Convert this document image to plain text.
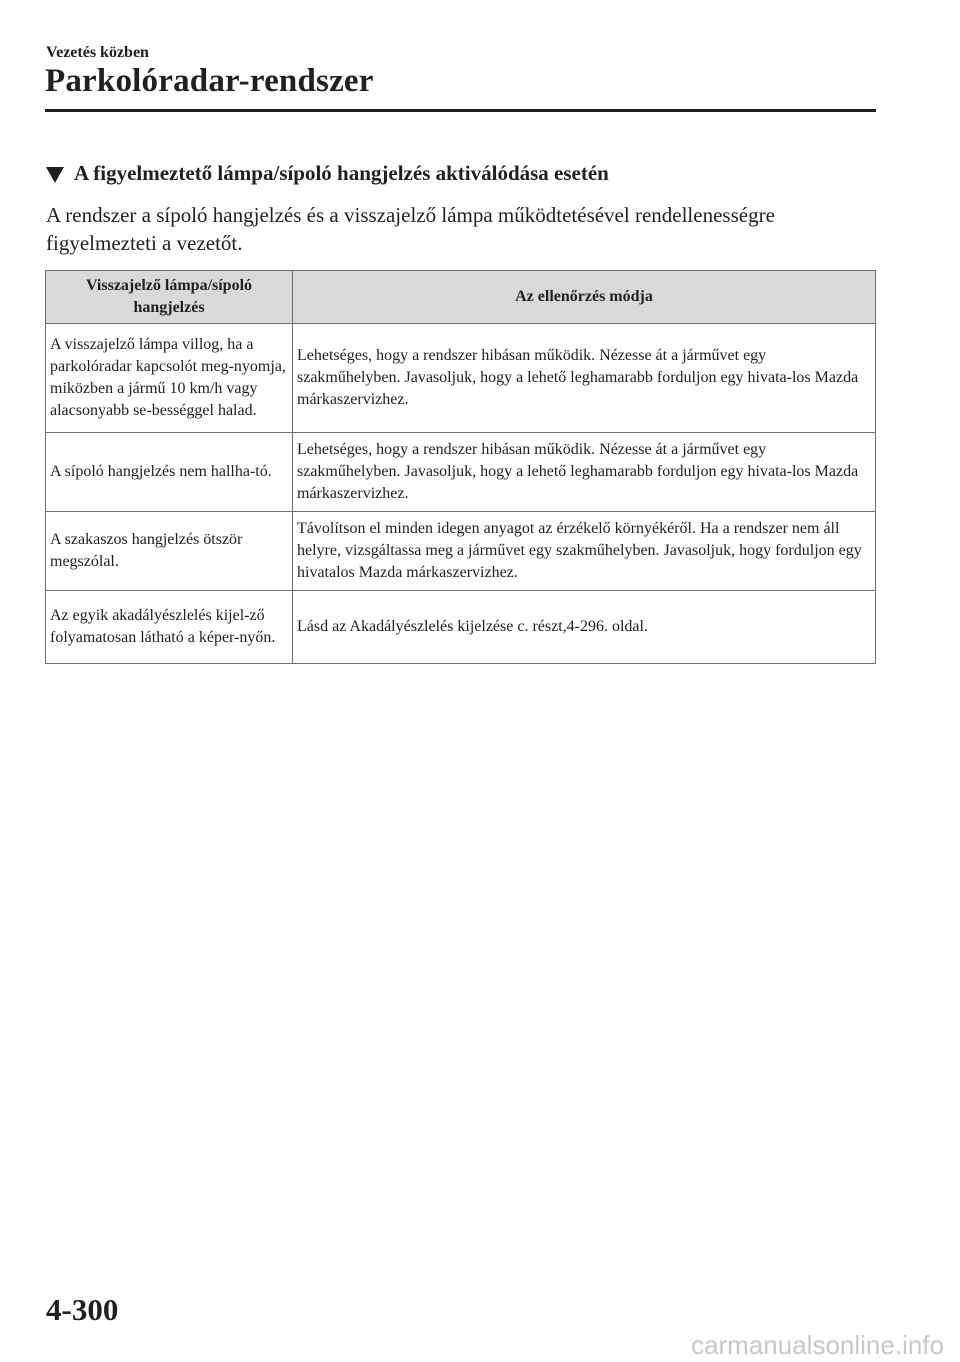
Vezetés közben
Parkolóradar-rendszer
A figyelmeztető lámpa/sípoló hangjelzés aktiválódása esetén
A rendszer a sípoló hangjelzés és a visszajelző lámpa működtetésével rendellenességre figyelmezteti a vezetőt.
Visszajelző lámpa/sípoló hangjelzés	Az ellenőrzés módja
A visszajelző lámpa villog, ha a parkolóradar kapcsolót meg-nyomja, miközben a jármű 10 km/h vagy alacsonyabb se-bességgel halad.	Lehetséges, hogy a rendszer hibásan működik. Nézesse át a járművet egy szakműhelyben. Javasoljuk, hogy a lehető leghamarabb forduljon egy hivata-los Mazda márkaszervizhez.
A sípoló hangjelzés nem hallha-tó.	Lehetséges, hogy a rendszer hibásan működik. Nézesse át a járművet egy szakműhelyben. Javasoljuk, hogy a lehető leghamarabb forduljon egy hivata-los Mazda márkaszervizhez.
A szakaszos hangjelzés ötször megszólal.	Távolítson el minden idegen anyagot az érzékelő környékéről. Ha a rendszer nem áll helyre, vizsgáltassa meg a járművet egy szakműhelyben. Javasoljuk, hogy forduljon egy hivatalos Mazda márkaszervizhez.
Az egyik akadályészlelés kijel-ző folyamatosan látható a képer-nyőn.	Lásd az Akadályészlelés kijelzése c. részt,4-296. oldal.
4-300
carmanualsonline.info
